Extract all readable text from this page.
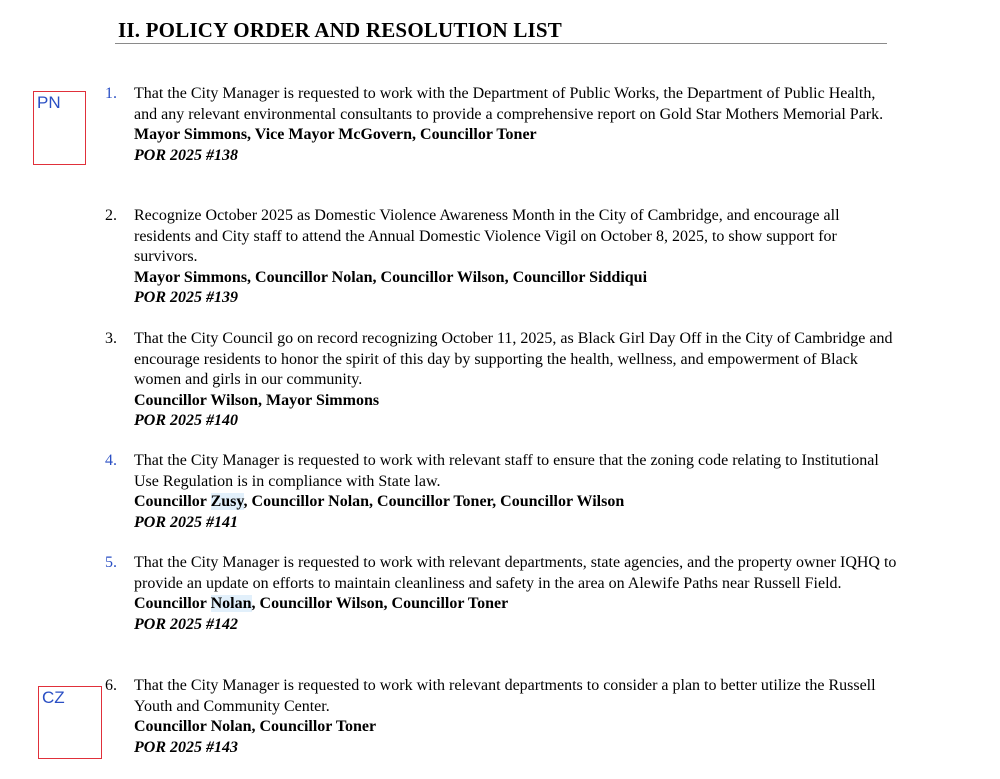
II. POLICY ORDER AND RESOLUTION LIST
PN
CZ
1. That the City Manager is requested to work with the Department of Public Works, the Department of Public Health, and any relevant environmental consultants to provide a comprehensive report on Gold Star Mothers Memorial Park.
Mayor Simmons, Vice Mayor McGovern, Councillor Toner
POR 2025 #138
2. Recognize October 2025 as Domestic Violence Awareness Month in the City of Cambridge, and encourage all residents and City staff to attend the Annual Domestic Violence Vigil on October 8, 2025, to show support for survivors.
Mayor Simmons, Councillor Nolan, Councillor Wilson, Councillor Siddiqui
POR 2025 #139
3. That the City Council go on record recognizing October 11, 2025, as Black Girl Day Off in the City of Cambridge and encourage residents to honor the spirit of this day by supporting the health, wellness, and empowerment of Black women and girls in our community.
Councillor Wilson, Mayor Simmons
POR 2025 #140
4. That the City Manager is requested to work with relevant staff to ensure that the zoning code relating to Institutional Use Regulation is in compliance with State law.
Councillor Zusy, Councillor Nolan, Councillor Toner, Councillor Wilson
POR 2025 #141
5. That the City Manager is requested to work with relevant departments, state agencies, and the property owner IQHQ to provide an update on efforts to maintain cleanliness and safety in the area on Alewife Paths near Russell Field.
Councillor Nolan, Councillor Wilson, Councillor Toner
POR 2025 #142
6. That the City Manager is requested to work with relevant departments to consider a plan to better utilize the Russell Youth and Community Center.
Councillor Nolan, Councillor Toner
POR 2025 #143
